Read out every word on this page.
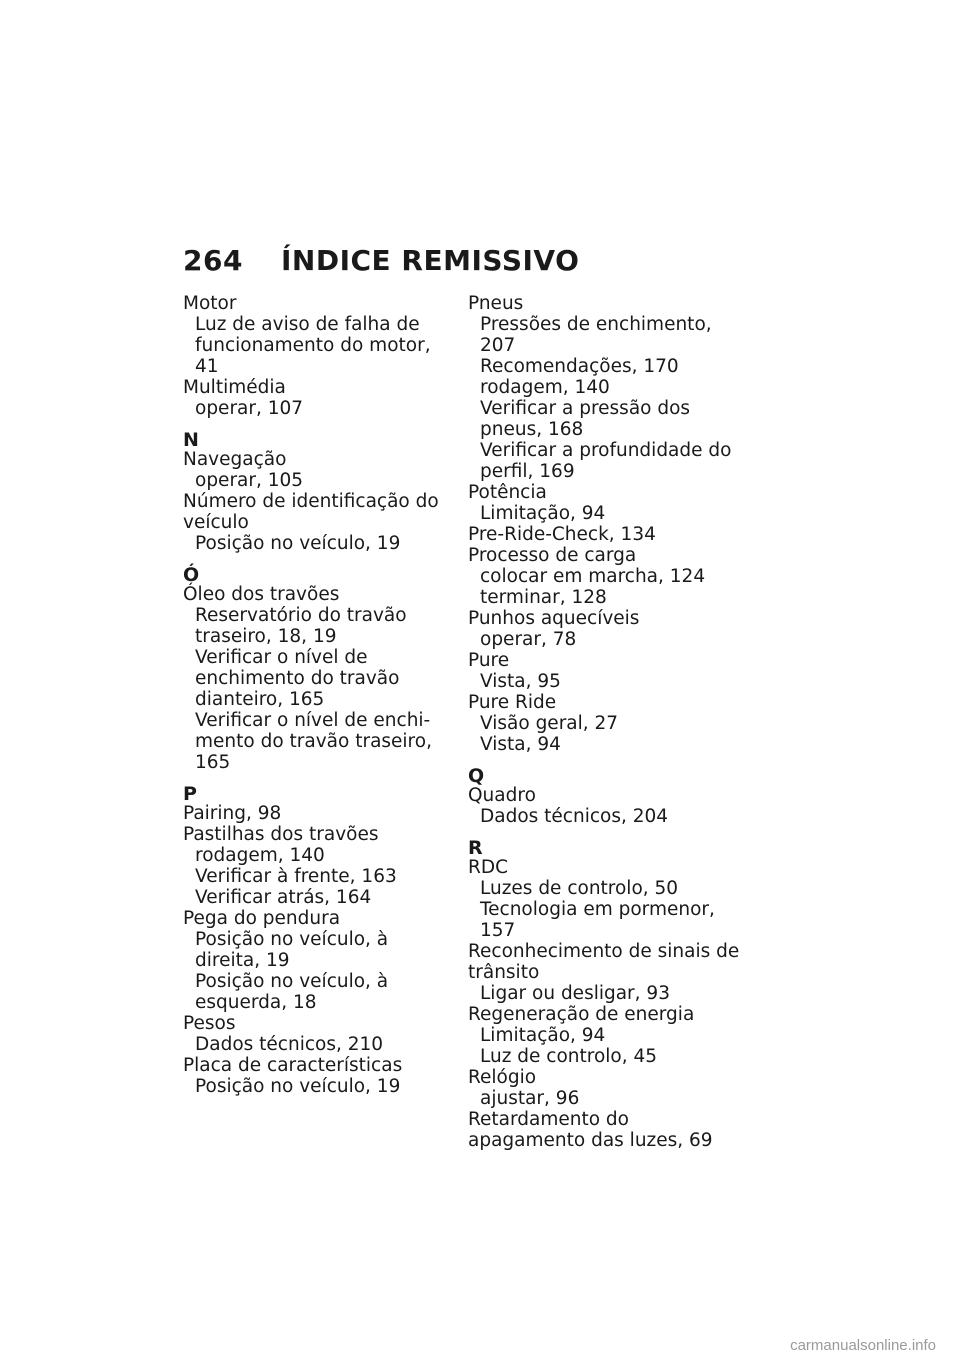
264 ÍNDICE REMISSIVO
Motor
Luz de aviso de falha de funcionamento do motor, 41
Multimédia
operar, 107
N
Navegação
operar, 105
Número de identificação do veículo
Posição no veículo, 19
Ó
Óleo dos travões
Reservatório do travão traseiro, 18, 19
Verificar o nível de enchimento do travão dianteiro, 165
Verificar o nível de enchi-mento do travão traseiro, 165
P
Pairing, 98
Pastilhas dos travões
rodagem, 140
Verificar à frente, 163
Verificar atrás, 164
Pega do pendura
Posição no veículo, à direita, 19
Posição no veículo, à esquerda, 18
Pesos
Dados técnicos, 210
Placa de características
Posição no veículo, 19
Pneus
Pressões de enchimento, 207
Recomendações, 170
rodagem, 140
Verificar a pressão dos pneus, 168
Verificar a profundidade do perfil, 169
Potência
Limitação, 94
Pre-Ride-Check, 134
Processo de carga
colocar em marcha, 124
terminar, 128
Punhos aquecíveis
operar, 78
Pure
Vista, 95
Pure Ride
Visão geral, 27
Vista, 94
Q
Quadro
Dados técnicos, 204
R
RDC
Luzes de controlo, 50
Tecnologia em pormenor, 157
Reconhecimento de sinais de trânsito
Ligar ou desligar, 93
Regeneração de energia
Limitação, 94
Luz de controlo, 45
Relógio
ajustar, 96
Retardamento do apagamento das luzes, 69
carmanualsonline.info
